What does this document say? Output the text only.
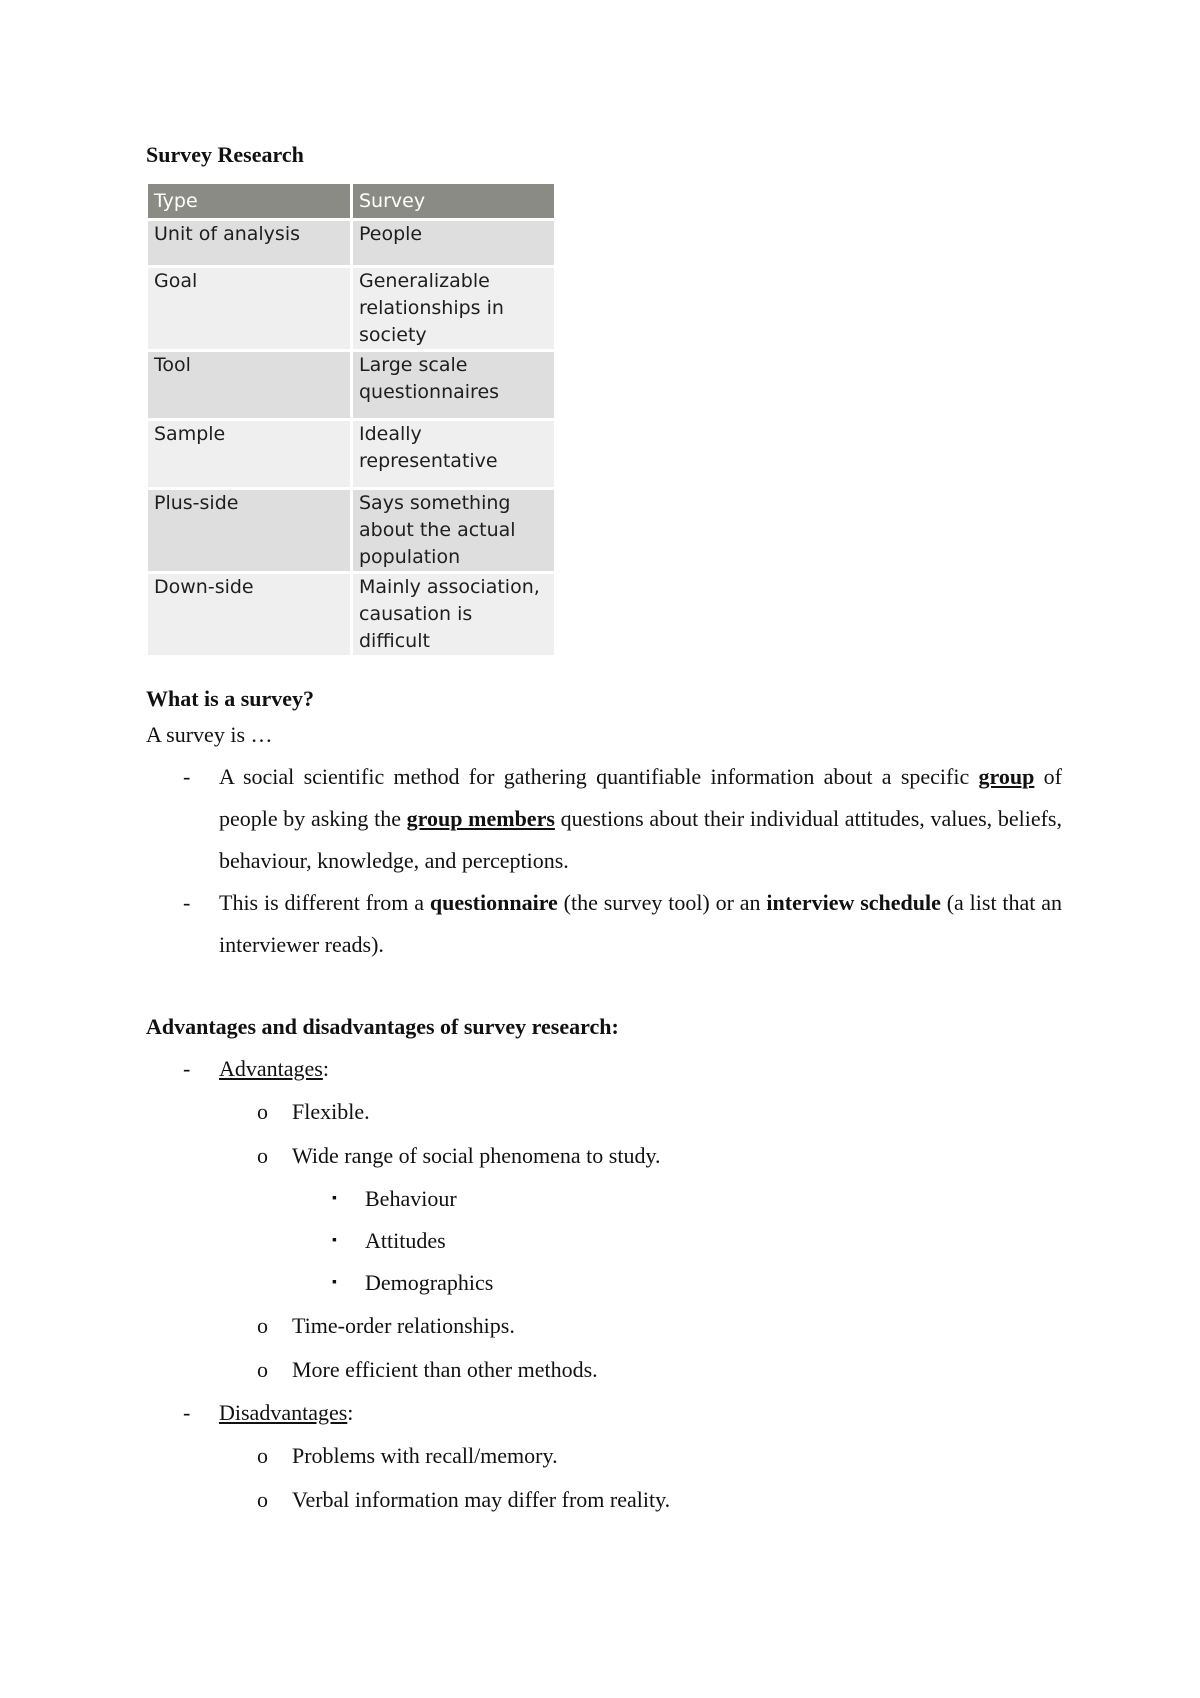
Survey Research
Type	Survey
Unit of analysis	People
Goal	Generalizable relationships in society
Tool	Large scale questionnaires
Sample	Ideally representative
Plus-side	Says something about the actual population
Down-side	Mainly association, causation is difficult
What is a survey?
A survey is …
- A social scientific method for gathering quantifiable information about a specific group of people by asking the group members questions about their individual attitudes, values, beliefs, behaviour, knowledge, and perceptions.
- This is different from a questionnaire (the survey tool) or an interview schedule (a list that an interviewer reads).
Advantages and disadvantages of survey research:
- Advantages:
o Flexible.
o Wide range of social phenomena to study.
▪ Behaviour
▪ Attitudes
▪ Demographics
o Time-order relationships.
o More efficient than other methods.
- Disadvantages:
o Problems with recall/memory.
o Verbal information may differ from reality.
